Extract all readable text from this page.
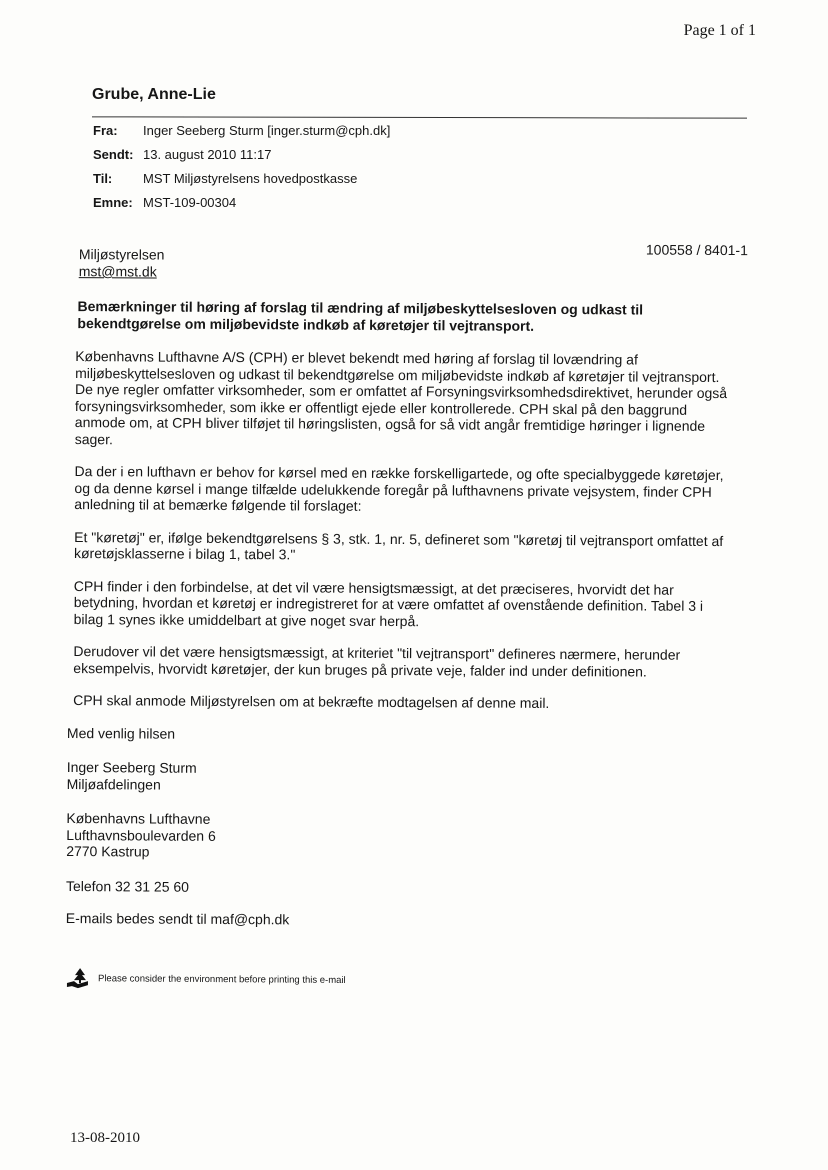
Page 1 of 1
Grube, Anne-Lie
Fra:	Inger Seeberg Sturm [inger.sturm@cph.dk]
Sendt: 13. august 2010 11:17
Til:	MST Miljøstyrelsens hovedpostkasse
Emne: MST-109-00304
Miljøstyrelsen
mst@mst.dk
100558 / 8401-1
Bemærkninger til høring af forslag til ændring af miljøbeskyttelsesloven og udkast til bekendtgørelse om miljøbevidste indkøb af køretøjer til vejtransport.
Københavns Lufthavne A/S (CPH) er blevet bekendt med høring af forslag til lovændring af miljøbeskyttelsesloven og udkast til bekendtgørelse om miljøbevidste indkøb af køretøjer til vejtransport. De nye regler omfatter virksomheder, som er omfattet af Forsyningsvirksomhedsdirektivet, herunder også forsyningsvirksomheder, som ikke er offentligt ejede eller kontrollerede. CPH skal på den baggrund anmode om, at CPH bliver tilføjet til høringslisten, også for så vidt angår fremtidige høringer i lignende sager.
Da der i en lufthavn er behov for kørsel med en række forskelligartede, og ofte specialbyggede køretøjer, og da denne kørsel i mange tilfælde udelukkende foregår på lufthavnens private vejsystem, finder CPH anledning til at bemærke følgende til forslaget:
Et "køretøj" er, ifølge bekendtgørelsens § 3, stk. 1, nr. 5, defineret som "køretøj til vejtransport omfattet af køretøjsklasserne i bilag 1, tabel 3."
CPH finder i den forbindelse, at det vil være hensigtsmæssigt, at det præciseres, hvorvidt det har betydning, hvordan et køretøj er indregistreret for at være omfattet af ovenstående definition. Tabel 3 i bilag 1 synes ikke umiddelbart at give noget svar herpå.
Derudover vil det være hensigtsmæssigt, at kriteriet "til vejtransport" defineres nærmere, herunder eksempelvis, hvorvidt køretøjer, der kun bruges på private veje, falder ind under definitionen.
CPH skal anmode Miljøstyrelsen om at bekræfte modtagelsen af denne mail.
Med venlig hilsen
Inger Seeberg Sturm
Miljøafdelingen
Københavns Lufthavne
Lufthavnsboulevarden 6
2770 Kastrup
Telefon 32 31 25 60
E-mails bedes sendt til maf@cph.dk
Please consider the environment before printing this e-mail
13-08-2010
